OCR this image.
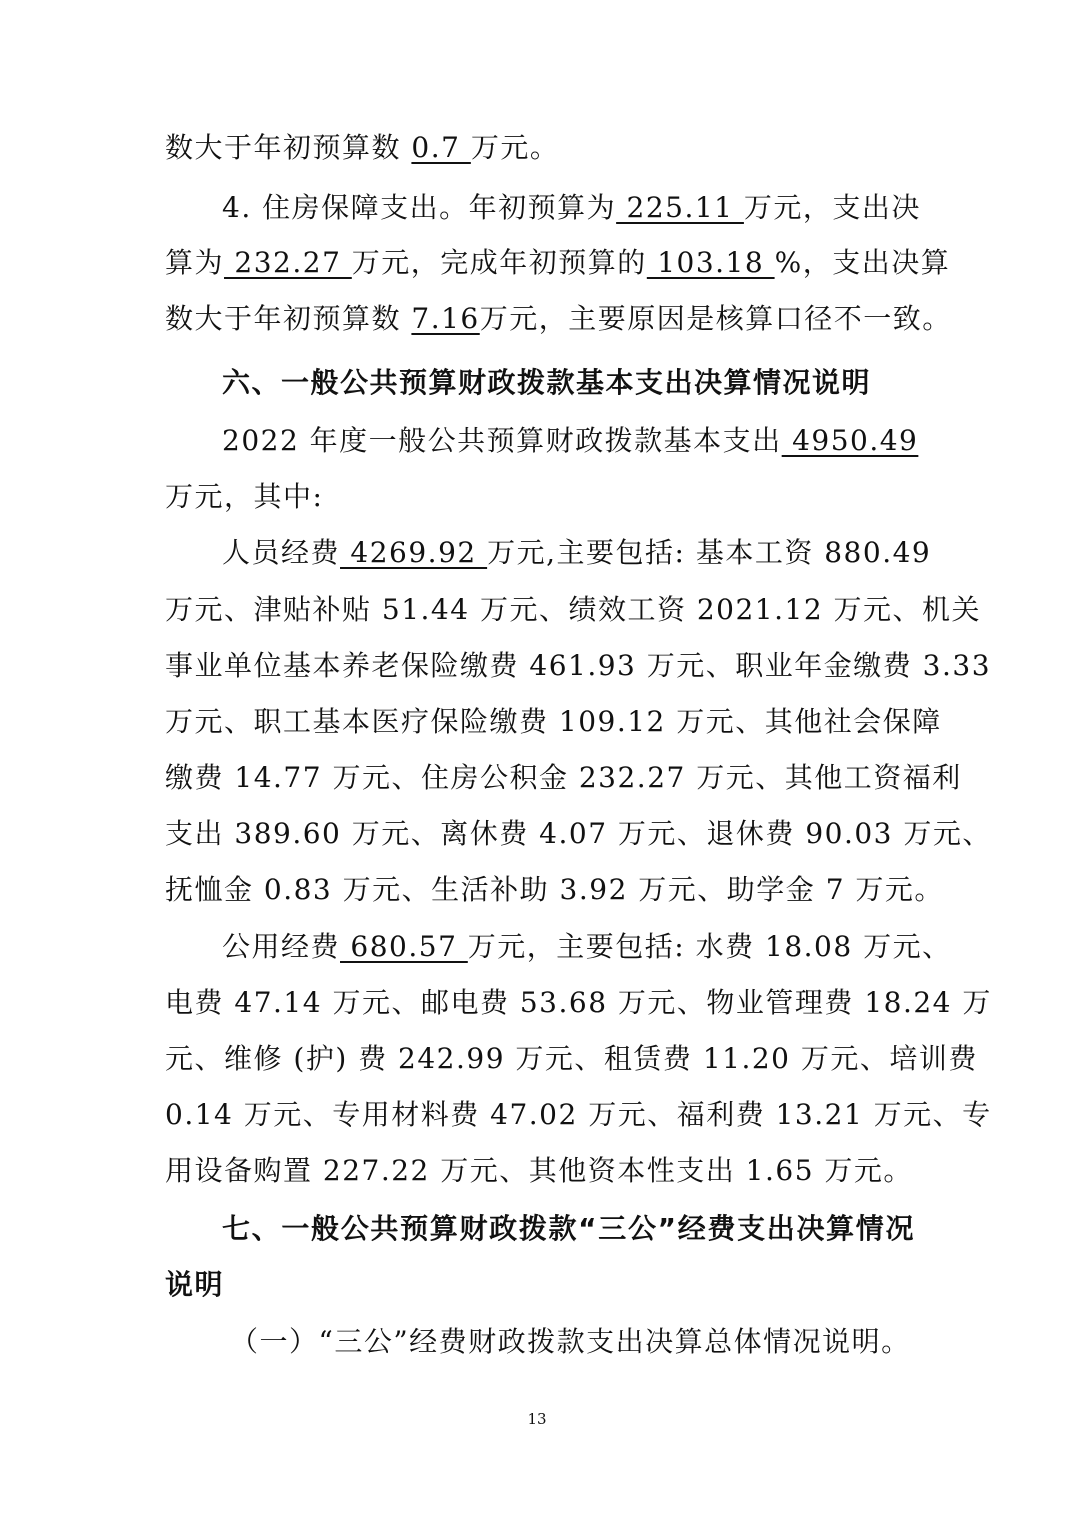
数大于年初预算数 0.7 万元。
4. 住房保障支出。年初预算为 225.11 万元，支出决
算为 232.27 万元，完成年初预算的 103.18 %，支出决算
数大于年初预算数 7.16万元，主要原因是核算口径不一致。
六、一般公共预算财政拨款基本支出决算情况说明
2022 年度一般公共预算财政拨款基本支出 4950.49
万元，其中:
人员经费 4269.92 万元,主要包括: 基本工资 880.49
万元、津贴补贴 51.44 万元、绩效工资 2021.12 万元、机关
事业单位基本养老保险缴费 461.93 万元、职业年金缴费 3.33
万元、职工基本医疗保险缴费 109.12 万元、其他社会保障
缴费 14.77 万元、住房公积金 232.27 万元、其他工资福利
支出 389.60 万元、离休费 4.07 万元、退休费 90.03 万元、
抚恤金 0.83 万元、生活补助 3.92 万元、助学金 7 万元。
公用经费 680.57 万元，主要包括: 水费 18.08 万元、
电费 47.14 万元、邮电费 53.68 万元、物业管理费 18.24 万
元、维修 (护) 费 242.99 万元、租赁费 11.20 万元、培训费
0.14 万元、专用材料费 47.02 万元、福利费 13.21 万元、专
用设备购置 227.22 万元、其他资本性支出 1.65 万元。
七、一般公共预算财政拨款“三公”经费支出决算情况
说明
（一）“三公”经费财政拨款支出决算总体情况说明。
13
